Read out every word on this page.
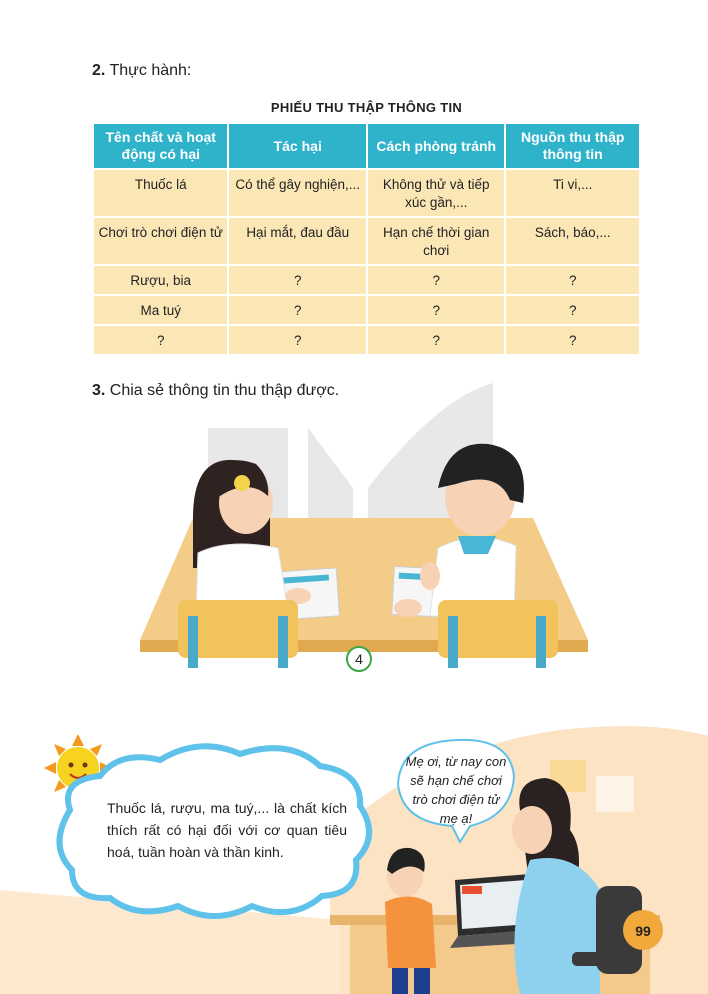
2. Thực hành:
PHIẾU THU THẬP THÔNG TIN
Tên chất và hoạt động có hại	Tác hại	Cách phòng tránh	Nguồn thu thập thông tin
Thuốc lá	Có thể gây nghiện,...	Không thử và tiếp xúc gần,...	Ti vi,...
Chơi trò chơi điện tử	Hại mắt, đau đầu	Hạn chế thời gian chơi	Sách, báo,...
Rượu, bia	?	?	?
Ma tuý	?	?	?
?	?	?	?
3. Chia sẻ thông tin thu thập được.
4
Thuốc lá, rượu, ma tuý,... là chất kích thích rất có hại đối với cơ quan tiêu hoá, tuần hoàn và thần kinh.
Mẹ ơi, từ nay con sẽ hạn chế chơi trò chơi điện tử mẹ ạ!
99
